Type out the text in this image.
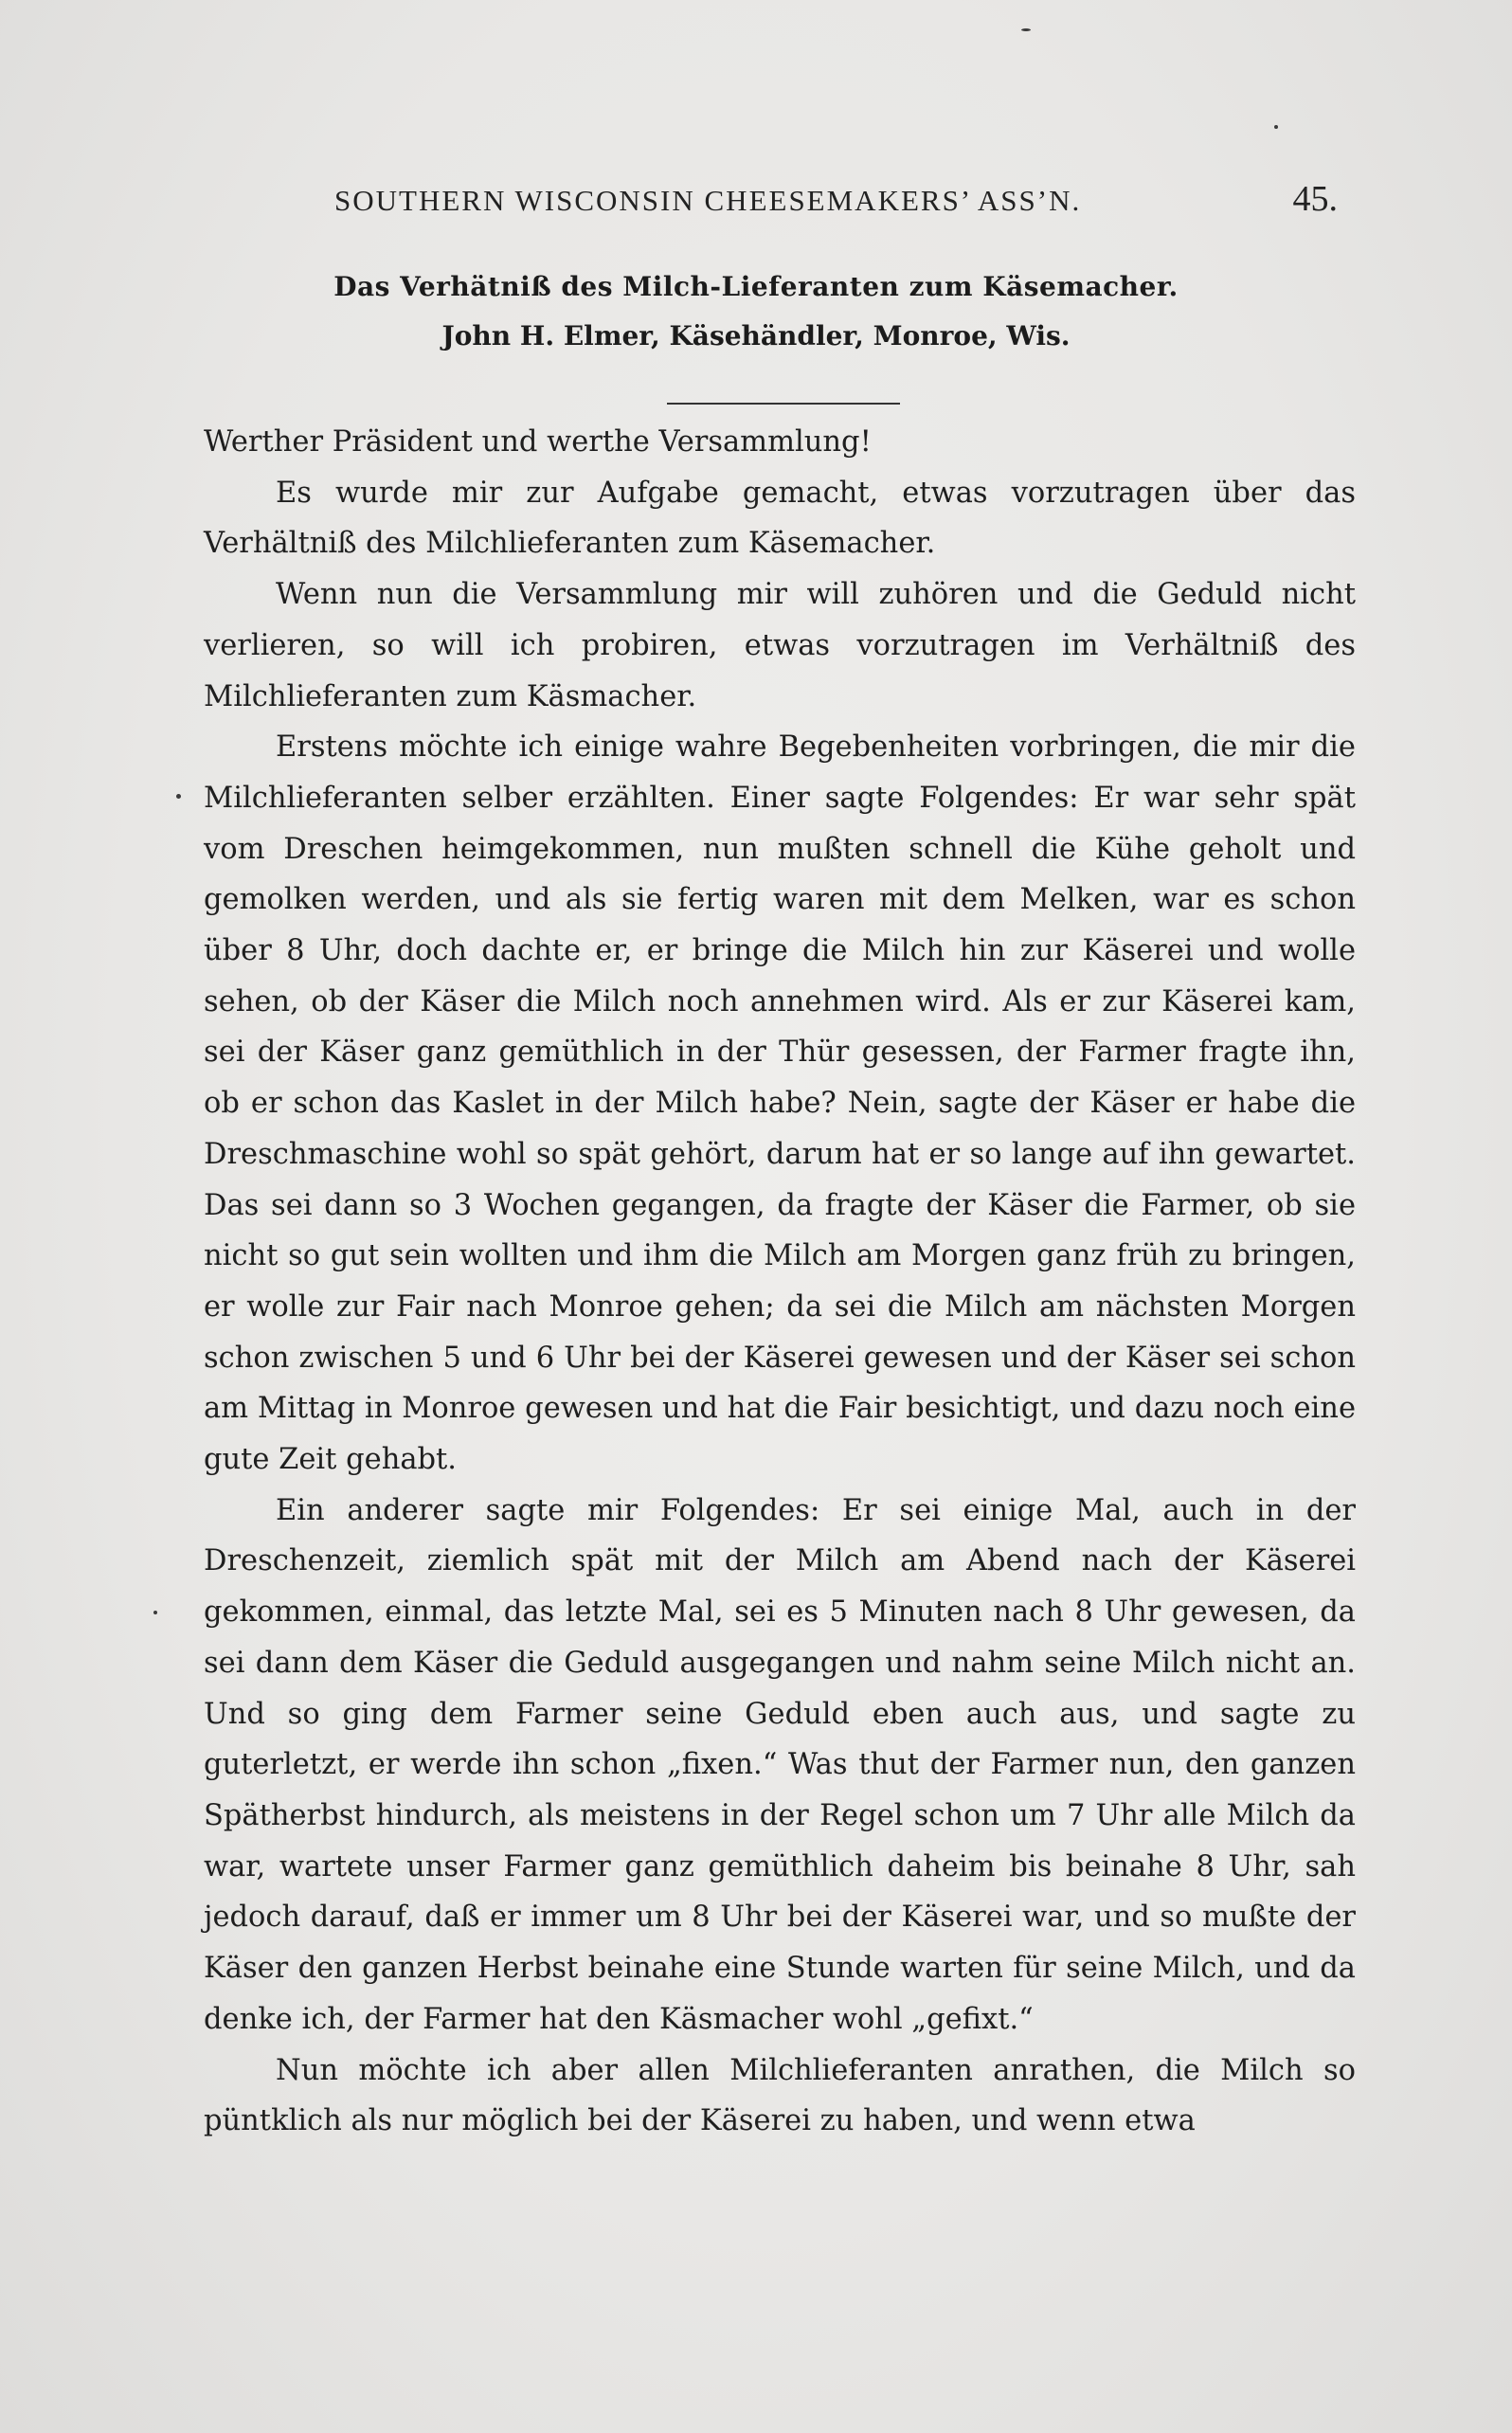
SOUTHERN WISCONSIN CHEESEMAKERS’ ASS’N.	45.

Das Verhätniß des Milch-Lieferanten zum Käsemacher.

John H. Elmer, Käsehändler, Monroe, Wis.

Werther Präsident und werthe Versammlung!

Es wurde mir zur Aufgabe gemacht, etwas vorzutragen über das Verhältniß des Milchlieferanten zum Käsemacher.

Wenn nun die Versammlung mir will zuhören und die Geduld nicht verlieren, so will ich probiren, etwas vorzutragen im Verhältniß des Milchlieferanten zum Käsmacher.

Erstens möchte ich einige wahre Begebenheiten vorbringen, die mir die Milchlieferanten selber erzählten. Einer sagte Folgendes: Er war sehr spät vom Dreschen heimgekommen, nun mußten schnell die Kühe geholt und gemolken werden, und als sie fertig waren mit dem Melken, war es schon über 8 Uhr, doch dachte er, er bringe die Milch hin zur Käserei und wolle sehen, ob der Käser die Milch noch annehmen wird. Als er zur Käserei kam, sei der Käser ganz gemüthlich in der Thür gesessen, der Farmer fragte ihn, ob er schon das Kaslet in der Milch habe? Nein, sagte der Käser er habe die Dreschmaschine wohl so spät gehört, darum hat er so lange auf ihn gewartet. Das sei dann so 3 Wochen gegangen, da fragte der Käser die Farmer, ob sie nicht so gut sein wollten und ihm die Milch am Morgen ganz früh zu bringen, er wolle zur Fair nach Monroe gehen; da sei die Milch am nächsten Morgen schon zwischen 5 und 6 Uhr bei der Käserei gewesen und der Käser sei schon am Mittag in Monroe gewesen und hat die Fair besichtigt, und dazu noch eine gute Zeit gehabt.

Ein anderer sagte mir Folgendes: Er sei einige Mal, auch in der Dreschenzeit, ziemlich spät mit der Milch am Abend nach der Käserei gekommen, einmal, das letzte Mal, sei es 5 Minuten nach 8 Uhr gewesen, da sei dann dem Käser die Geduld ausgegangen und nahm seine Milch nicht an. Und so ging dem Farmer seine Geduld eben auch aus, und sagte zu guterletzt, er werde ihn schon „fixen.“ Was thut der Farmer nun, den ganzen Spätherbst hindurch, als meistens in der Regel schon um 7 Uhr alle Milch da war, wartete unser Farmer ganz gemüthlich daheim bis beinahe 8 Uhr, sah jedoch darauf, daß er immer um 8 Uhr bei der Käserei war, und so mußte der Käser den ganzen Herbst beinahe eine Stunde warten für seine Milch, und da denke ich, der Farmer hat den Käsmacher wohl „gefixt.“

Nun möchte ich aber allen Milchlieferanten anrathen, die Milch so püntklich als nur möglich bei der Käserei zu haben, und wenn etwa
